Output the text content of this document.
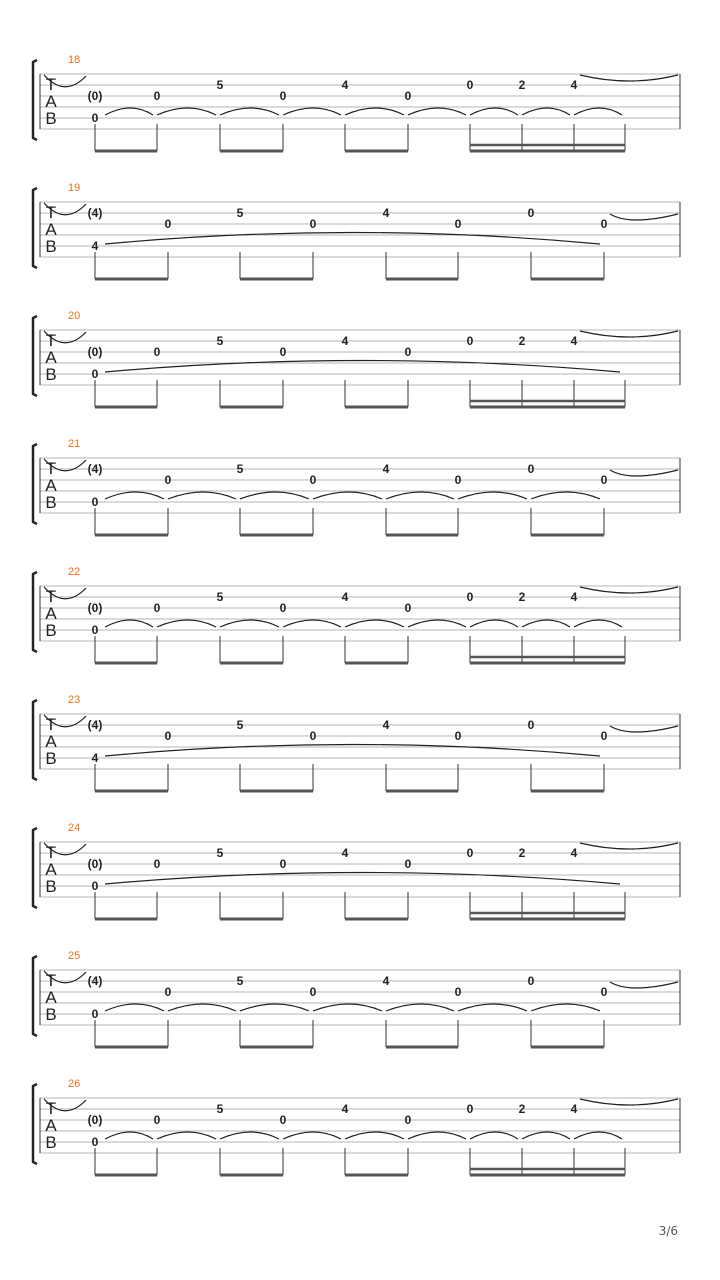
T
A
B
18
0
(0)	0
5
0
4
0
0	2	4
T
A
B
19
4
(4)
0
5
0
4
0
0
0
T
A
B
20
0
(0)	0
5
0
4
0
0	2	4
T
A
B
21
0
(4)
0
5
0
4
0
0
0
T
A
B
22
0
(0)	0
5
0
4
0
0	2	4
T
A
B
23
4
(4)
0
5
0
4
0
0
0
T
A
B
24
0
(0)	0
5
0
4
0
0	2	4
T
A
B
25
0
(4)
0
5
0
4
0
0
0
T
A
B
26
0
(0)	0
5
0
4
0
0	2	4
3/6
